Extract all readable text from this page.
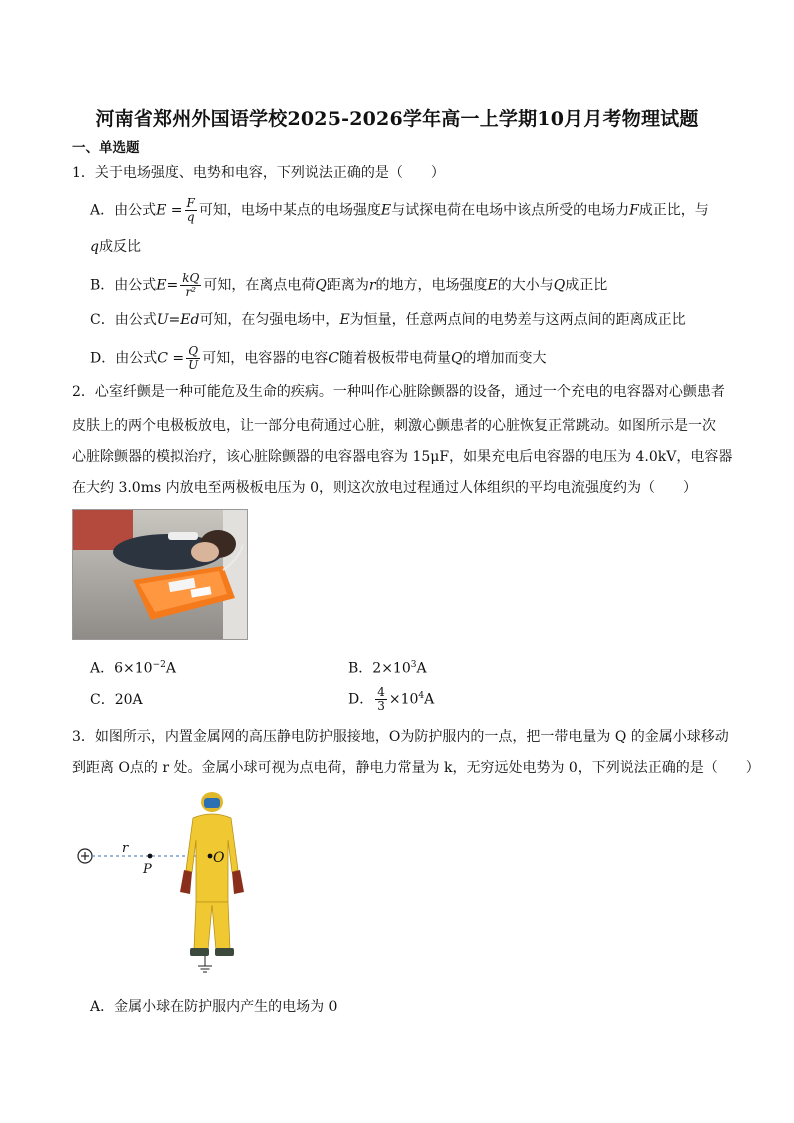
河南省郑州外国语学校2025-2026学年高一上学期10月月考物理试题
一、单选题
1．关于电场强度、电势和电容，下列说法正确的是（　　）
A．由公式$E = \frac{F}{q}$ 可知，电场中某点的电场强度E与试探电荷在电场中该点所受的电场力F成正比，与
q成反比
B．由公式$E= \frac{kQ}{\text{r²}}$ 可知，在离点电荷Q距离为r的地方，电场强度E的大小与Q成正比
C．由公式U=Ed可知，在匀强电场中，E为恒量，任意两点间的电势差与这两点间的距离成正比
D．由公式$C = \frac{Q}{U}$ 可知，电容器的电容C随着极板带电荷量Q的增加而变大
2．心室纤颤是一种可能危及生命的疾病。一种叫作心脏除颤器的设备，通过一个充电的电容器对心颤患者
皮肤上的两个电极板放电，让一部分电荷通过心脏，刺激心颤患者的心脏恢复正常跳动。如图所示是一次
心脏除颤器的模拟治疗，该心脏除颤器的电容器电容为 15μF，如果充电后电容器的电压为 4.0kV，电容器
在大约 3.0ms 内放电至两极板电压为 0，则这次放电过程通过人体组织的平均电流强度约为（　　）
A．$6\times 10^{-2}A$	B．$2\times 10^3A$
C．20A	D． $\frac{4}{3} \times 10^4A$
3．如图所示，内置金属网的高压静电防护服接地，O为防护服内的一点，把一带电量为 Q 的金属小球移动
到距离 O点的 r 处。金属小球可视为点电荷，静电力常量为 k，无穷远处电势为 0，下列说法正确的是（　　）
r
P
O
A．金属小球在防护服内产生的电场为 0
